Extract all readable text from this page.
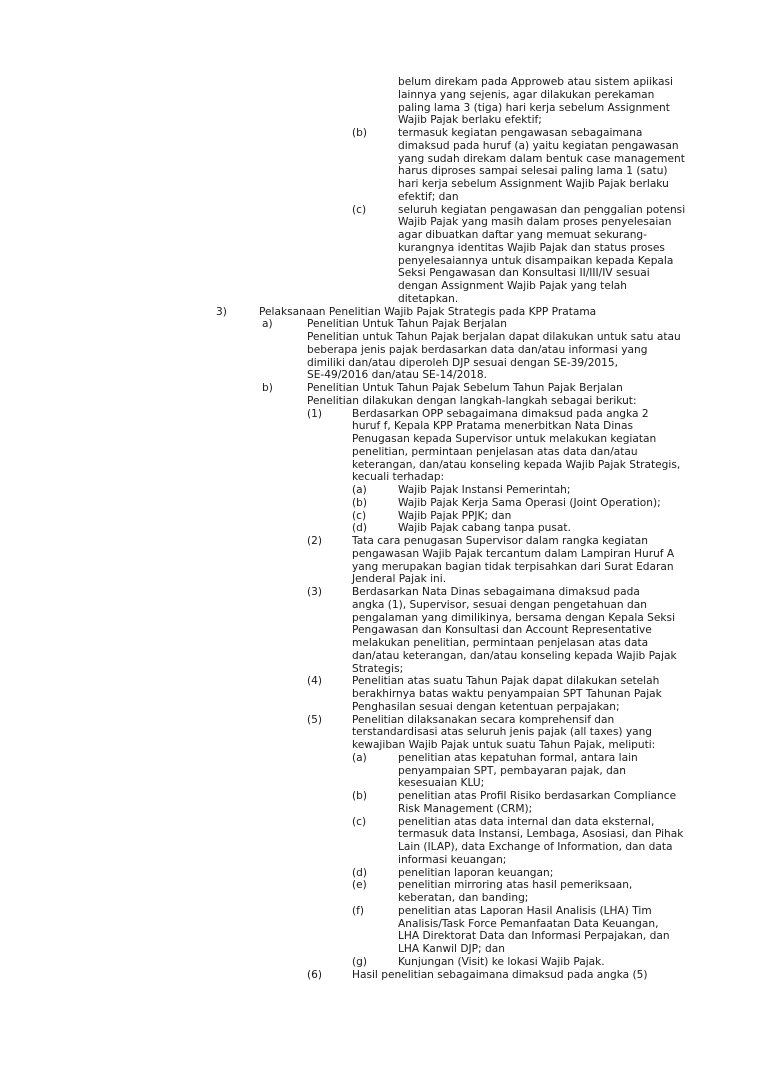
belum direkam pada Approweb atau sistem apiikasi
lainnya yang sejenis, agar dilakukan perekaman
paling lama 3 (tiga) hari kerja sebelum Assignment
Wajib Pajak berlaku efektif;
(b)	termasuk kegiatan pengawasan sebagaimana
dimaksud pada huruf (a) yaitu kegiatan pengawasan
yang sudah direkam dalam bentuk case management
harus diproses sampai selesai paling lama 1 (satu)
hari kerja sebelum Assignment Wajib Pajak berlaku
efektif; dan
(c)	seluruh kegiatan pengawasan dan penggalian potensi
Wajib Pajak yang masih dalam proses penyelesaian
agar dibuatkan daftar yang memuat sekurang-
kurangnya identitas Wajib Pajak dan status proses
penyelesaiannya untuk disampaikan kepada Kepala
Seksi Pengawasan dan Konsultasi II/III/IV sesuai
dengan Assignment Wajib Pajak yang telah
ditetapkan.
3)	Pelaksanaan Penelitian Wajib Pajak Strategis pada KPP Pratama
a)	Penelitian Untuk Tahun Pajak Berjalan
Penelitian untuk Tahun Pajak berjalan dapat dilakukan untuk satu atau
beberapa jenis pajak berdasarkan data dan/atau informasi yang
dimiliki dan/atau diperoleh DJP sesuai dengan SE-39/2015,
SE-49/2016 dan/atau SE-14/2018.
b)	Penelitian Untuk Tahun Pajak Sebelum Tahun Pajak Berjalan
Penelitian dilakukan dengan langkah-langkah sebagai berikut:
(1)	Berdasarkan OPP sebagaimana dimaksud pada angka 2
huruf f, Kepala KPP Pratama menerbitkan Nata Dinas
Penugasan kepada Supervisor untuk melakukan kegiatan
penelitian, permintaan penjelasan atas data dan/atau
keterangan, dan/atau konseling kepada Wajib Pajak Strategis,
kecuali terhadap:
(a)	Wajib Pajak Instansi Pemerintah;
(b)	Wajib Pajak Kerja Sama Operasi (Joint Operation);
(c)	Wajib Pajak PPJK; dan
(d)	Wajib Pajak cabang tanpa pusat.
(2)	Tata cara penugasan Supervisor dalam rangka kegiatan
pengawasan Wajib Pajak tercantum dalam Lampiran Huruf A
yang merupakan bagian tidak terpisahkan dari Surat Edaran
Jenderal Pajak ini.
(3)	Berdasarkan Nata Dinas sebagaimana dimaksud pada
angka (1), Supervisor, sesuai dengan pengetahuan dan
pengalaman yang dimilikinya, bersama dengan Kepala Seksi
Pengawasan dan Konsultasi dan Account Representative
melakukan penelitian, permintaan penjelasan atas data
dan/atau keterangan, dan/atau konseling kepada Wajib Pajak
Strategis;
(4)	Penelitian atas suatu Tahun Pajak dapat dilakukan setelah
berakhirnya batas waktu penyampaian SPT Tahunan Pajak
Penghasilan sesuai dengan ketentuan perpajakan;
(5)	Penelitian dilaksanakan secara komprehensif dan
terstandardisasi atas seluruh jenis pajak (all taxes) yang
kewajiban Wajib Pajak untuk suatu Tahun Pajak, meliputi:
(a)	penelitian atas kepatuhan formal, antara lain
penyampaian SPT, pembayaran pajak, dan
kesesuaian KLU;
(b)	penelitian atas Profil Risiko berdasarkan Compliance
Risk Management (CRM);
(c)	penelitian atas data internal dan data eksternal,
termasuk data Instansi, Lembaga, Asosiasi, dan Pihak
Lain (ILAP), data Exchange of Information, dan data
informasi keuangan;
(d)	penelitian laporan keuangan;
(e)	penelitian mirroring atas hasil pemeriksaan,
keberatan, dan banding;
(f)	penelitian atas Laporan Hasil Analisis (LHA) Tim
Analisis/Task Force Pemanfaatan Data Keuangan,
LHA Direktorat Data dan Informasi Perpajakan, dan
LHA Kanwil DJP; dan
(g)	Kunjungan (Visit) ke lokasi Wajib Pajak.
(6)	Hasil penelitian sebagaimana dimaksud pada angka (5)
